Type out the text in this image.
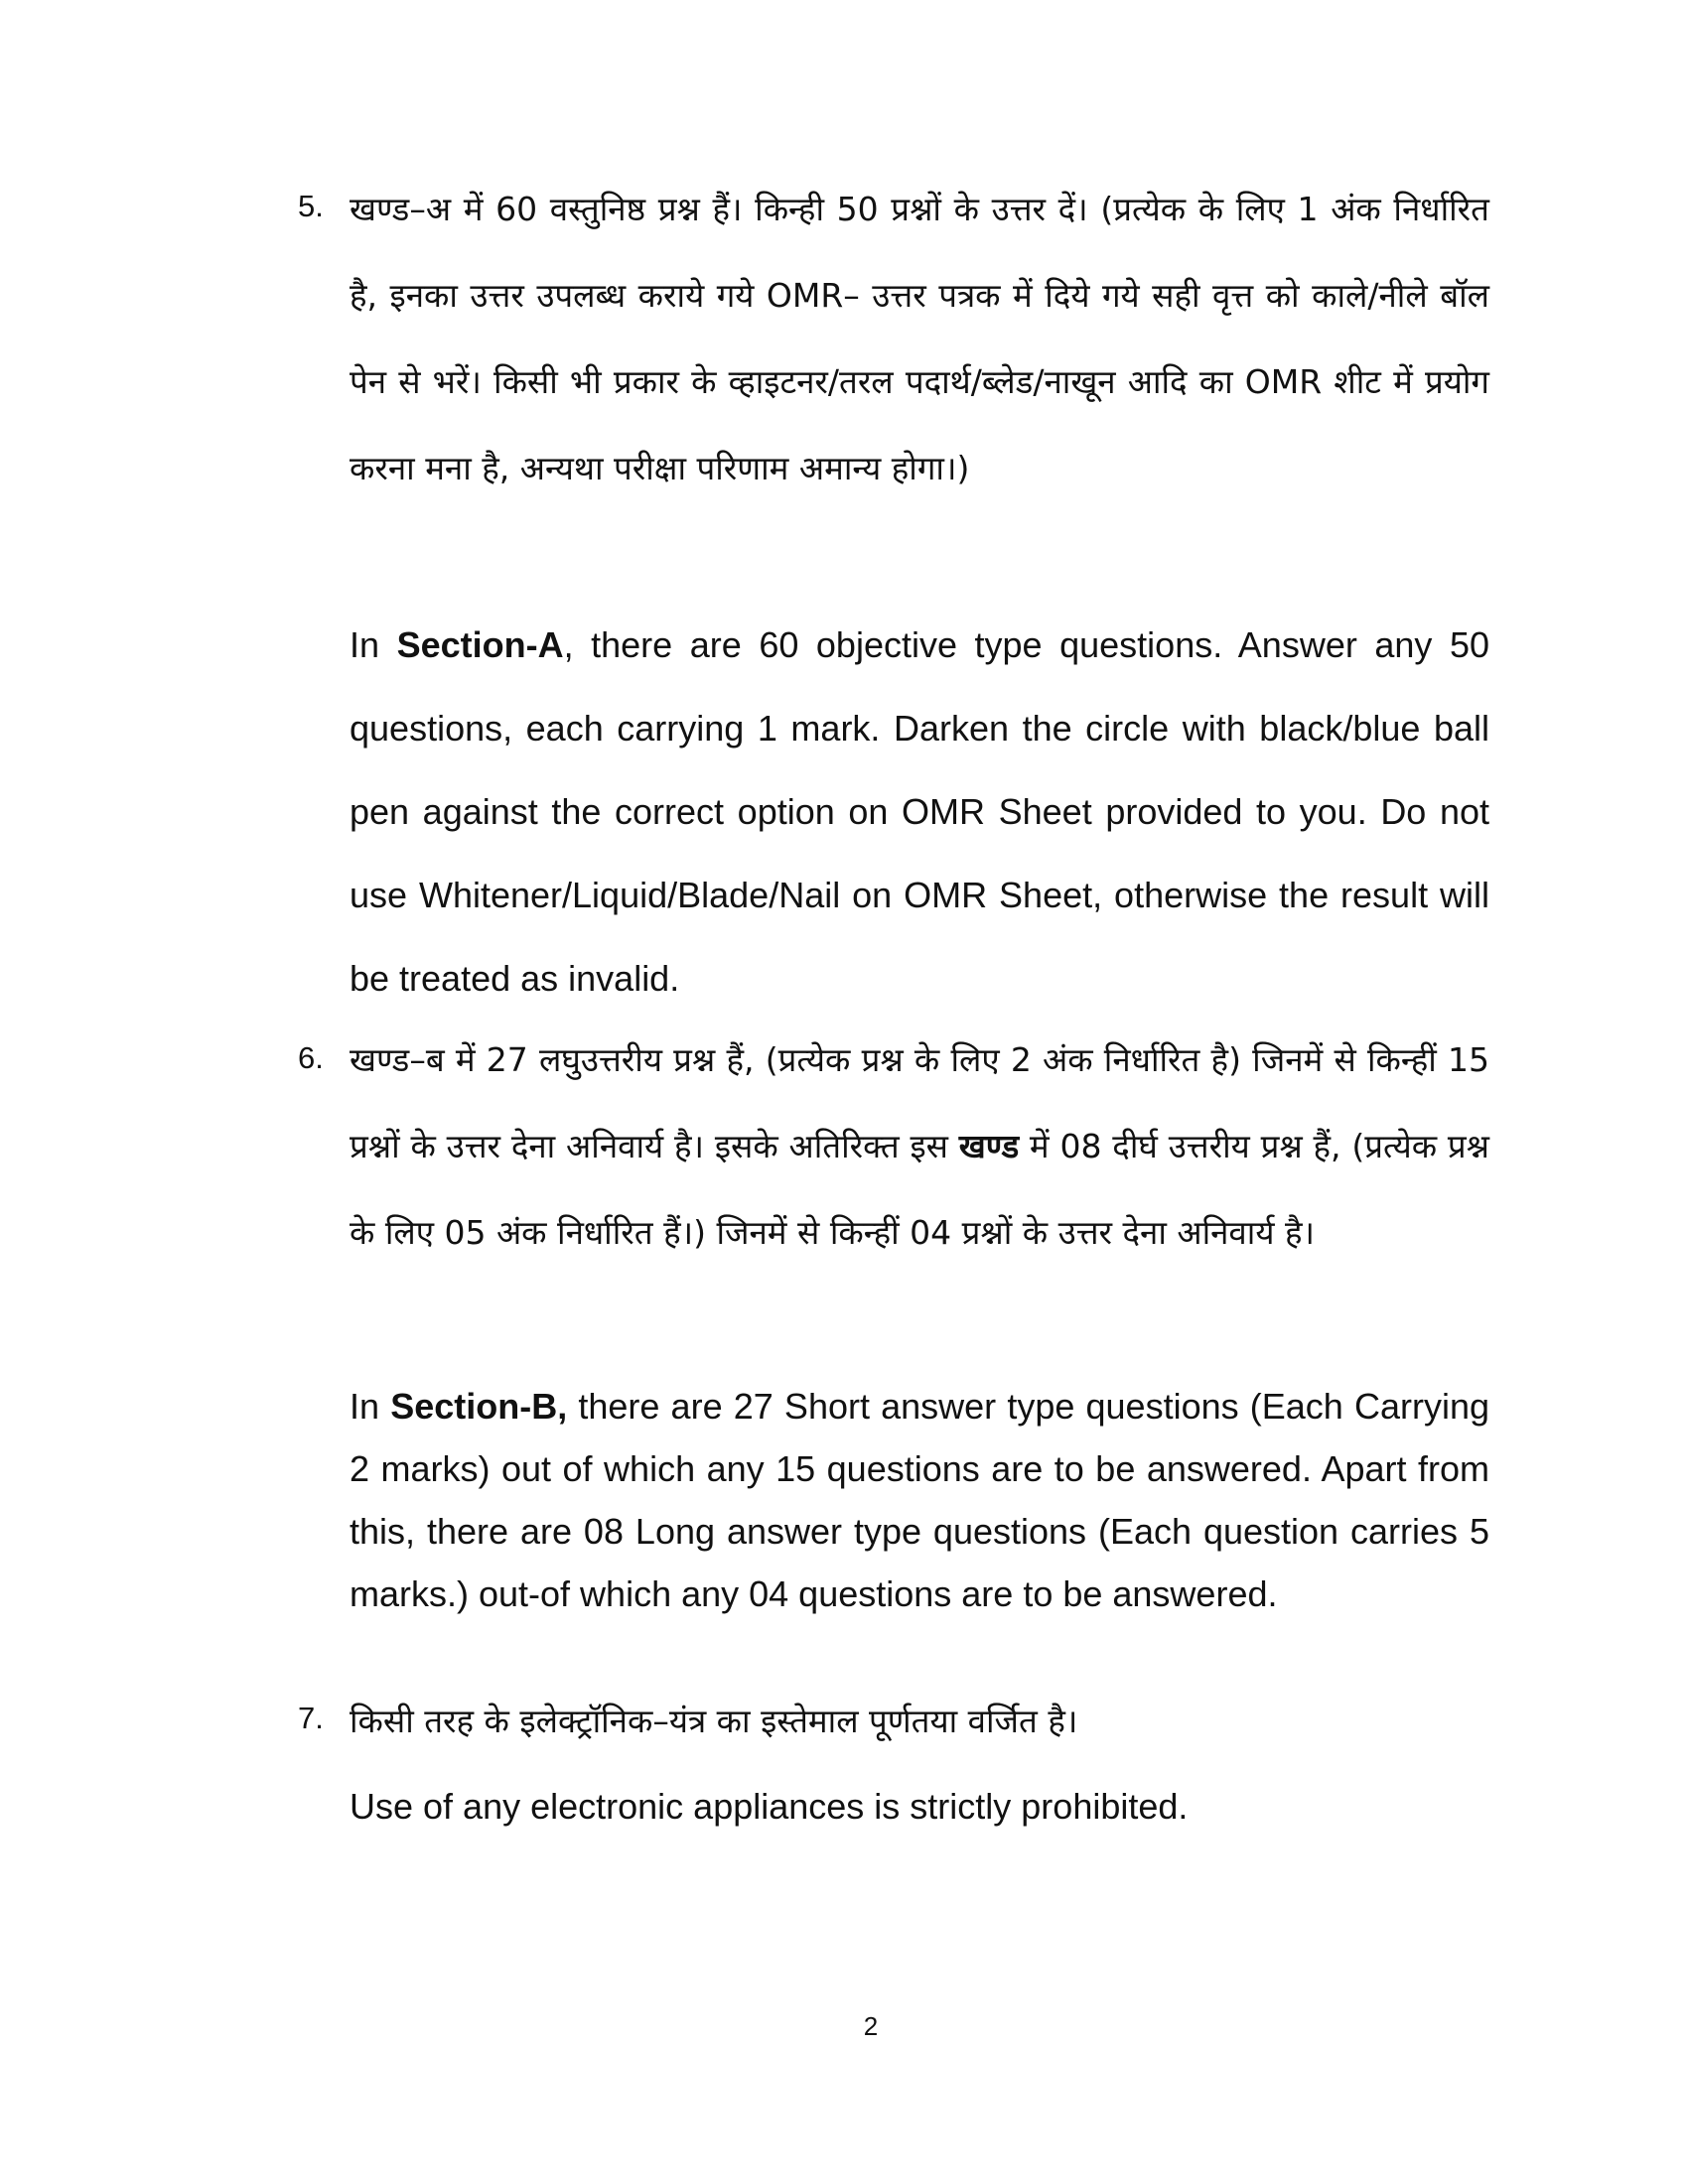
5. खण्ड–अ में 60 वस्तुनिष्ठ प्रश्न हैं। किन्ही 50 प्रश्नों के उत्तर दें। (प्रत्येक के लिए 1 अंक निर्धारित है, इनका उत्तर उपलब्ध कराये गये OMR– उत्तर पत्रक में दिये गये सही वृत्त को काले/नीले बॉल पेन से भरें। किसी भी प्रकार के व्हाइटनर/तरल पदार्थ/ब्लेड/नाखून आदि का OMR शीट में प्रयोग करना मना है, अन्यथा परीक्षा परिणाम अमान्य होगा।)
In Section-A, there are 60 objective type questions. Answer any 50 questions, each carrying 1 mark. Darken the circle with black/blue ball pen against the correct option on OMR Sheet provided to you. Do not use Whitener/Liquid/Blade/Nail on OMR Sheet, otherwise the result will be treated as invalid.
6. खण्ड–ब में 27 लघुउत्तरीय प्रश्न हैं, (प्रत्येक प्रश्न के लिए 2 अंक निर्धारित है) जिनमें से किन्हीं 15 प्रश्नों के उत्तर देना अनिवार्य है। इसके अतिरिक्त इस खण्ड में 08 दीर्घ उत्तरीय प्रश्न हैं, (प्रत्येक प्रश्न के लिए 05 अंक निर्धारित हैं।) जिनमें से किन्हीं 04 प्रश्नों के उत्तर देना अनिवार्य है।
In Section-B, there are 27 Short answer type questions (Each Carrying 2 marks) out of which any 15 questions are to be answered. Apart from this, there are 08 Long answer type questions (Each question carries 5 marks.) out-of which any 04 questions are to be answered.
7. किसी तरह के इलेक्ट्रॉनिक–यंत्र का इस्तेमाल पूर्णतया वर्जित है।
Use of any electronic appliances is strictly prohibited.
2
